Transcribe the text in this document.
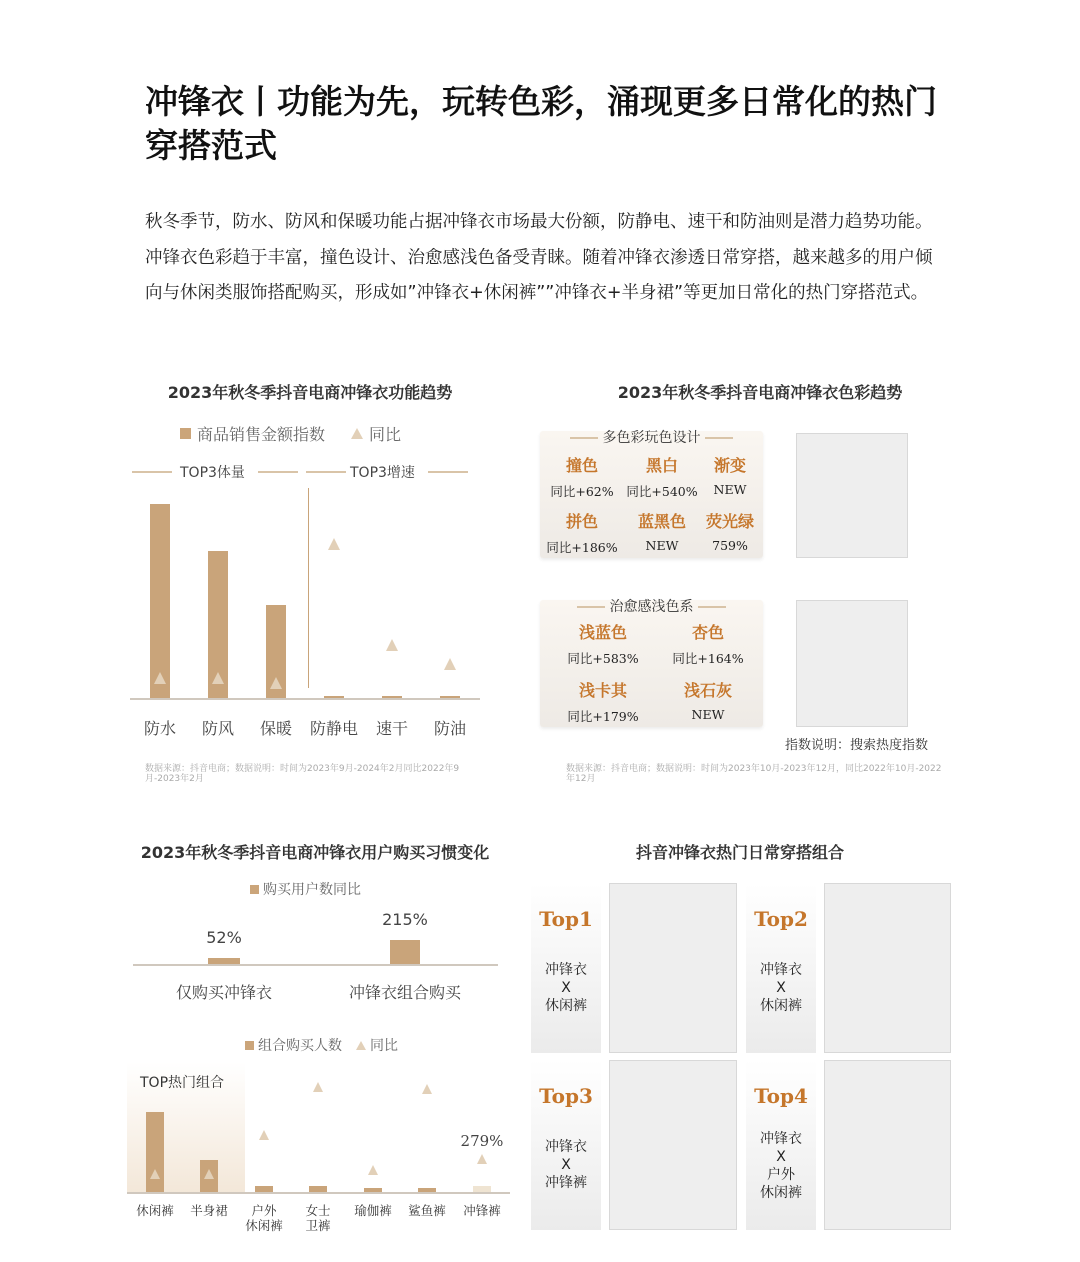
冲锋衣丨功能为先，玩转色彩，涌现更多日常化的热门穿搭范式
秋冬季节，防水、防风和保暖功能占据冲锋衣市场最大份额，防静电、速干和防油则是潜力趋势功能。冲锋衣色彩趋于丰富，撞色设计、治愈感浅色备受青睐。随着冲锋衣渗透日常穿搭，越来越多的用户倾向与休闲类服饰搭配购买，形成如”冲锋衣+休闲裤””冲锋衣+半身裙”等更加日常化的热门穿搭范式。
2023年秋冬季抖音电商冲锋衣功能趋势
商品销售金额指数	同比
TOP3体量	TOP3增速
防水	防风	保暖	防静电	速干	防油
数据来源：抖音电商；数据说明：时间为2023年9月-2024年2月同比2022年9月-2023年2月
2023年秋冬季抖音电商冲锋衣色彩趋势
多色彩玩色设计
撞色
同比+62%
黑白
同比+540%
渐变
NEW
拼色
同比+186%
蓝黑色
NEW
荧光绿
759%
治愈感浅色系
浅蓝色
同比+583%
杏色
同比+164%
浅卡其
同比+179%
浅石灰
NEW
指数说明：搜索热度指数
数据来源：抖音电商；数据说明：时间为2023年10月-2023年12月，同比2022年10月-2022年12月
2023年秋冬季抖音电商冲锋衣用户购买习惯变化
购买用户数同比
52%
215%
仅购买冲锋衣	冲锋衣组合购买
组合购买人数 同比
TOP热门组合
279%
休闲裤	半身裙	户外
休闲裤
女士
卫裤
瑜伽裤	鲨鱼裤	冲锋裤
抖音冲锋衣热门日常穿搭组合
Top1
冲锋衣
X
休闲裤
Top2
冲锋衣
X
休闲裤
Top3
冲锋衣
X
冲锋裤
Top4
冲锋衣
X
户外
休闲裤
